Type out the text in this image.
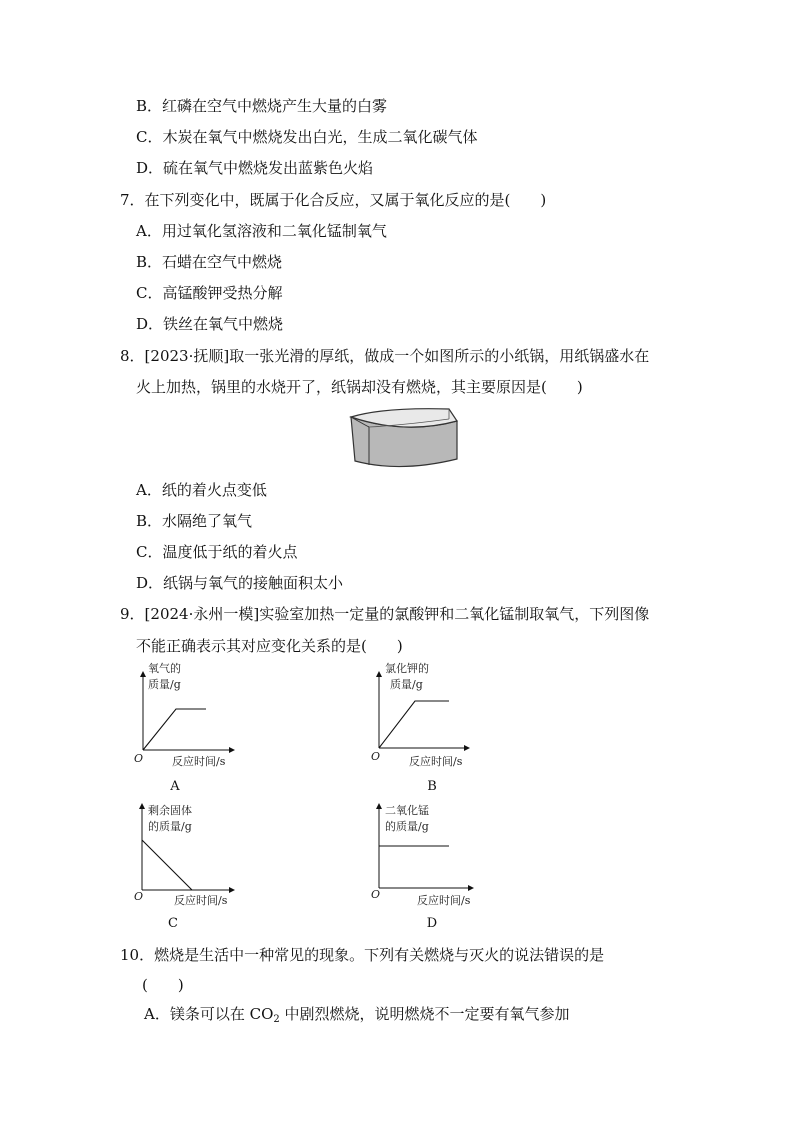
B．红磷在空气中燃烧产生大量的白雾
C．木炭在氧气中燃烧发出白光，生成二氧化碳气体
D．硫在氧气中燃烧发出蓝紫色火焰
7．在下列变化中，既属于化合反应，又属于氧化反应的是(　　)
A．用过氧化氢溶液和二氧化锰制氧气
B．石蜡在空气中燃烧
C．高锰酸钾受热分解
D．铁丝在氧气中燃烧
8．[2023·抚顺]取一张光滑的厚纸，做成一个如图所示的小纸锅，用纸锅盛水在
火上加热，锅里的水烧开了，纸锅却没有燃烧，其主要原因是(　　)
A．纸的着火点变低
B．水隔绝了氧气
C．温度低于纸的着火点
D．纸锅与氧气的接触面积太小
9．[2024·永州一模]实验室加热一定量的氯酸钾和二氧化锰制取氧气，下列图像
不能正确表示其对应变化关系的是(　　)
氧气的
质量/g
O	反应时间/s
A
氯化钾的
质量/g
O	反应时间/s
B
剩余固体
的质量/g
O	反应时间/s
C
二氧化锰
的质量/g
O	反应时间/s
D
10．燃烧是生活中一种常见的现象。下列有关燃烧与灭火的说法错误的是
(　　)
A．镁条可以在 $CO_2$ 中剧烈燃烧，说明燃烧不一定要有氧气参加
